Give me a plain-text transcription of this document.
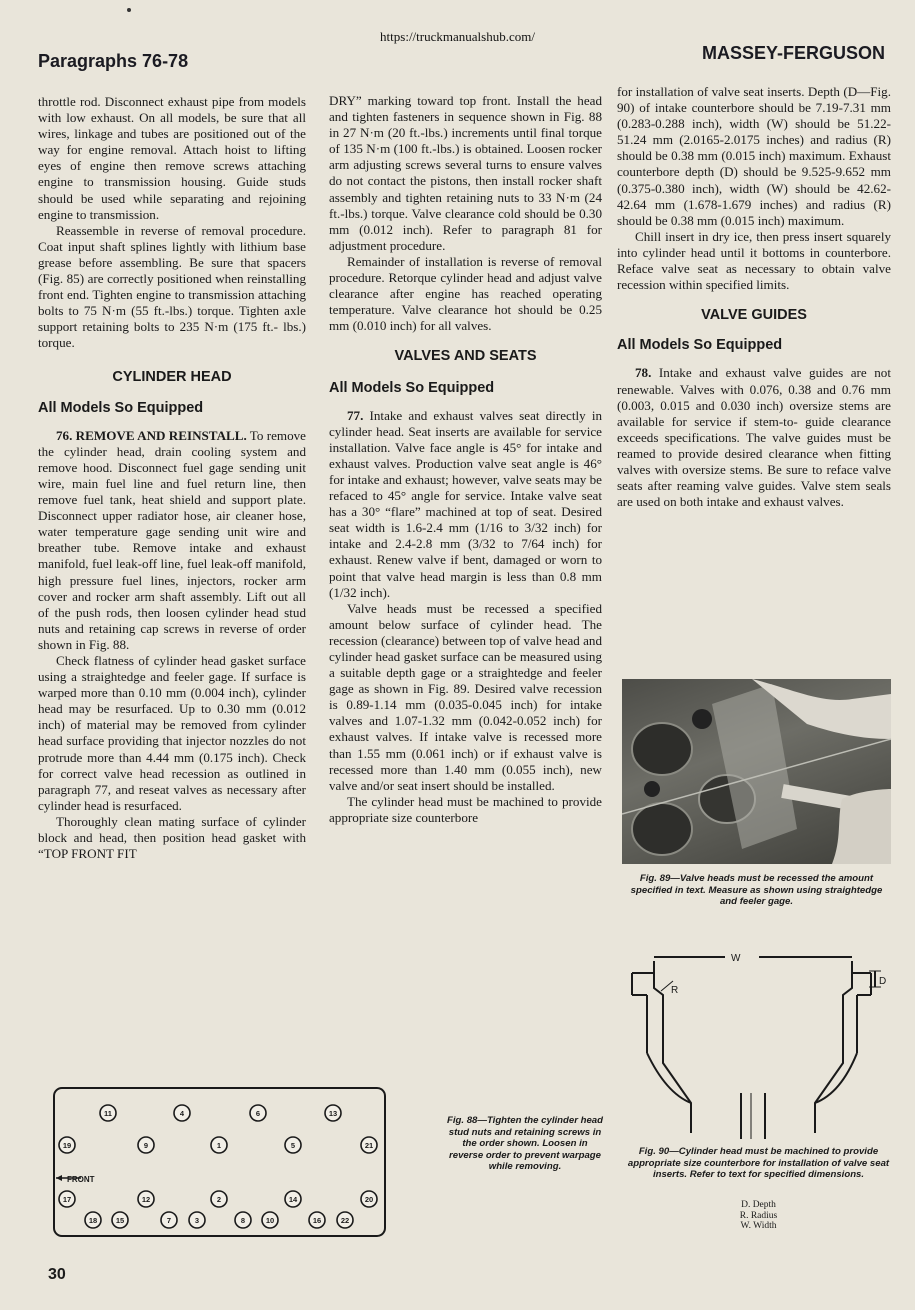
https://truckmanualshub.com/
Paragraphs 76-78	MASSEY-FERGUSON

throttle rod. Disconnect exhaust pipe from models with low exhaust. On all models, be sure that all wires, linkage and tubes are positioned out of the way for engine removal. Attach hoist to lifting eyes of engine then remove screws attaching engine to transmission housing. Guide studs should be used while separating and rejoining engine to transmission.

Reassemble in reverse of removal procedure. Coat input shaft splines lightly with lithium base grease before assembling. Be sure that spacers (Fig. 85) are correctly positioned when reinstalling front end. Tighten engine to transmission attaching bolts to 75 N·m (55 ft.-lbs.) torque. Tighten axle support retaining bolts to 235 N·m (175 ft.- lbs.) torque.

CYLINDER HEAD
All Models So Equipped

76. REMOVE AND REINSTALL. To remove the cylinder head, drain cooling system and remove hood. Disconnect fuel gage sending unit wire, main fuel line and fuel return line, then remove fuel tank, heat shield and support plate. Disconnect upper radiator hose, air cleaner hose, water temperature gage sending unit wire and breather tube. Remove intake and exhaust manifold, fuel leak-off line, fuel leak-off manifold, high pressure fuel lines, injectors, rocker arm cover and rocker arm shaft assembly. Lift out all of the push rods, then loosen cylinder head stud nuts and retaining cap screws in reverse of order shown in Fig. 88.

Check flatness of cylinder head gasket surface using a straightedge and feeler gage. If surface is warped more than 0.10 mm (0.004 inch), cylinder head may be resurfaced. Up to 0.30 mm (0.012 inch) of material may be removed from cylinder head surface providing that injector nozzles do not protrude more than 4.44 mm (0.175 inch). Check for correct valve head recession as outlined in paragraph 77, and reseat valves as necessary after cylinder head is resurfaced.

Thoroughly clean mating surface of cylinder block and head, then position head gasket with “TOP FRONT FIT

DRY” marking toward top front. Install the head and tighten fasteners in sequence shown in Fig. 88 in 27 N·m (20 ft.-lbs.) increments until final torque of 135 N·m (100 ft.-lbs.) is obtained. Loosen rocker arm adjusting screws several turns to ensure valves do not contact the pistons, then install rocker shaft assembly and tighten retaining nuts to 33 N·m (24 ft.-lbs.) torque. Valve clearance cold should be 0.30 mm (0.012 inch). Refer to paragraph 81 for adjustment procedure.

Remainder of installation is reverse of removal procedure. Retorque cylinder head and adjust valve clearance after engine has reached operating temperature. Valve clearance hot should be 0.25 mm (0.010 inch) for all valves.

VALVES AND SEATS
All Models So Equipped

77. Intake and exhaust valves seat directly in cylinder head. Seat inserts are available for service installation. Valve face angle is 45° for intake and exhaust valves. Production valve seat angle is 46° for intake and exhaust; however, valve seats may be refaced to 45° angle for service. Intake valve seat has a 30° “flare” machined at top of seat. Desired seat width is 1.6-2.4 mm (1/16 to 3/32 inch) for intake and 2.4-2.8 mm (3/32 to 7/64 inch) for exhaust. Renew valve if bent, damaged or worn to point that valve head margin is less than 0.8 mm (1/32 inch).

Valve heads must be recessed a specified amount below surface of cylinder head. The recession (clearance) between top of valve head and cylinder head gasket surface can be measured using a suitable depth gage or a straightedge and feeler gage as shown in Fig. 89. Desired valve recession is 0.89-1.14 mm (0.035-0.045 inch) for intake valves and 1.07-1.32 mm (0.042-0.052 inch) for exhaust valves. If intake valve is recessed more than 1.55 mm (0.061 inch) or if exhaust valve is recessed more than 1.40 mm (0.055 inch), new valve and/or seat insert should be installed.

The cylinder head must be machined to provide appropriate size counterbore

for installation of valve seat inserts. Depth (D—Fig. 90) of intake counterbore should be 7.19-7.31 mm (0.283-0.288 inch), width (W) should be 51.22-51.24 mm (2.0165-2.0175 inches) and radius (R) should be 0.38 mm (0.015 inch) maximum. Exhaust counterbore depth (D) should be 9.525-9.652 mm (0.375-0.380 inch), width (W) should be 42.62-42.64 mm (1.678-1.679 inches) and radius (R) should be 0.38 mm (0.015 inch) maximum.

Chill insert in dry ice, then press insert squarely into cylinder head until it bottoms in counterbore. Reface valve seat as necessary to obtain valve recession within specified limits.

VALVE GUIDES
All Models So Equipped

78. Intake and exhaust valve guides are not renewable. Valves with 0.076, 0.38 and 0.76 mm (0.003, 0.015 and 0.030 inch) oversize stems are available for service if stem-to- guide clearance exceeds specifications. The valve guides must be reamed to provide desired clearance when fitting valves with oversize stems. Be sure to reface valve seats after reaming valve guides. Valve stem seals are used on both intake and exhaust valves.

Fig. 89—Valve heads must be recessed the amount specified in text. Measure as shown using straightedge and feeler gage.
W
R
D
Fig. 90—Cylinder head must be machined to provide appropriate size counterbore for installation of valve seat inserts. Refer to text for specified dimensions.
D. Depth
R. Radius
W. Width
11	4	6	13
19	9	1	5	21
17	12	2	14	20
18 15	7	3	8	10	16	22
FRONT
Fig. 88—Tighten the cylinder head stud nuts and retaining screws in the order shown. Loosen in reverse order to prevent warpage while removing.
30
